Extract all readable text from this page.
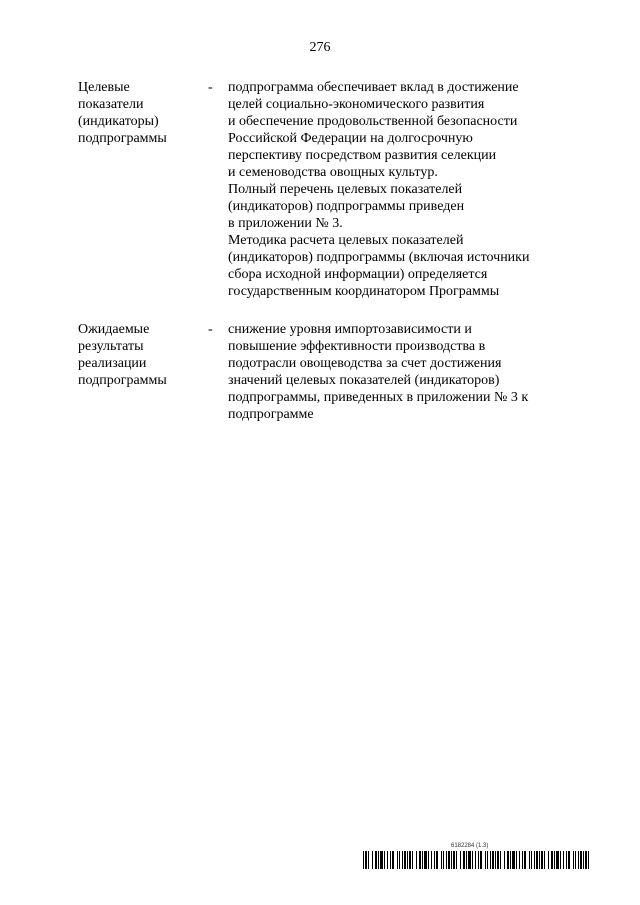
276
Целевые
показатели
(индикаторы)
подпрограммы
- подпрограмма обеспечивает вклад в достижение
целей социально-экономического развития
и обеспечение продовольственной безопасности
Российской Федерации на долгосрочную
перспективу посредством развития селекции
и семеноводства овощных культур.
Полный перечень целевых показателей
(индикаторов) подпрограммы приведен
в приложении № 3.
Методика расчета целевых показателей
(индикаторов) подпрограммы (включая источники
сбора исходной информации) определяется
государственным координатором Программы
Ожидаемые
результаты
реализации
подпрограммы
- снижение уровня импортозависимости и
повышение эффективности производства в
подотрасли овощеводства за счет достижения
значений целевых показателей (индикаторов)
подпрограммы, приведенных в приложении № 3 к
подпрограмме
6182284 (1.3)
